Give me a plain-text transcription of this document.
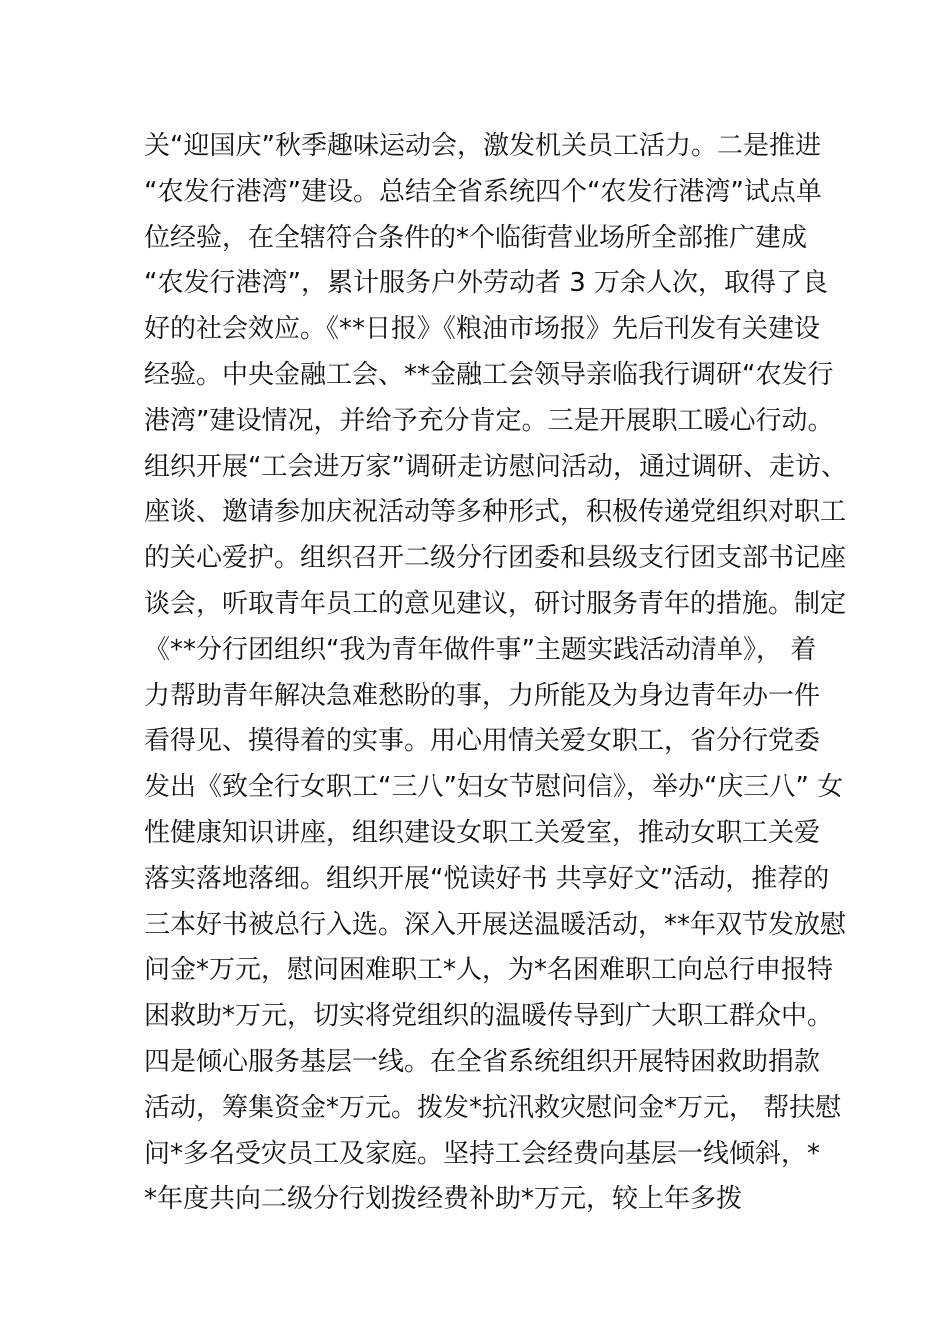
关“迎国庆”秋季趣味运动会，激发机关员工活力。二是推进
“农发行港湾”建设。总结全省系统四个“农发行港湾”试点单
位经验，在全辖符合条件的*个临街营业场所全部推广建成
“农发行港湾”，累计服务户外劳动者 3 万余人次，取得了良
好的社会效应。《**日报》《粮油市场报》先后刊发有关建设
经验。中央金融工会、**金融工会领导亲临我行调研“农发行
港湾”建设情况，并给予充分肯定。三是开展职工暖心行动。
组织开展“工会进万家”调研走访慰问活动，通过调研、走访、
座谈、邀请参加庆祝活动等多种形式，积极传递党组织对职工
的关心爱护。组织召开二级分行团委和县级支行团支部书记座
谈会，听取青年员工的意见建议，研讨服务青年的措施。制定
《**分行团组织“我为青年做件事”主题实践活动清单》， 着
力帮助青年解决急难愁盼的事，力所能及为身边青年办一件
看得见、摸得着的实事。用心用情关爱女职工，省分行党委
发出《致全行女职工“三八”妇女节慰问信》，举办“庆三八” 女
性健康知识讲座，组织建设女职工关爱室，推动女职工关爱
落实落地落细。组织开展“悦读好书 共享好文”活动，推荐的
三本好书被总行入选。深入开展送温暖活动，**年双节发放慰
问金*万元，慰问困难职工*人，为*名困难职工向总行申报特
困救助*万元，切实将党组织的温暖传导到广大职工群众中。
四是倾心服务基层一线。在全省系统组织开展特困救助捐款
活动，筹集资金*万元。拨发*抗汛救灾慰问金*万元， 帮扶慰
问*多名受灾员工及家庭。坚持工会经费向基层一线倾斜，*
*年度共向二级分行划拨经费补助*万元，较上年多拨
